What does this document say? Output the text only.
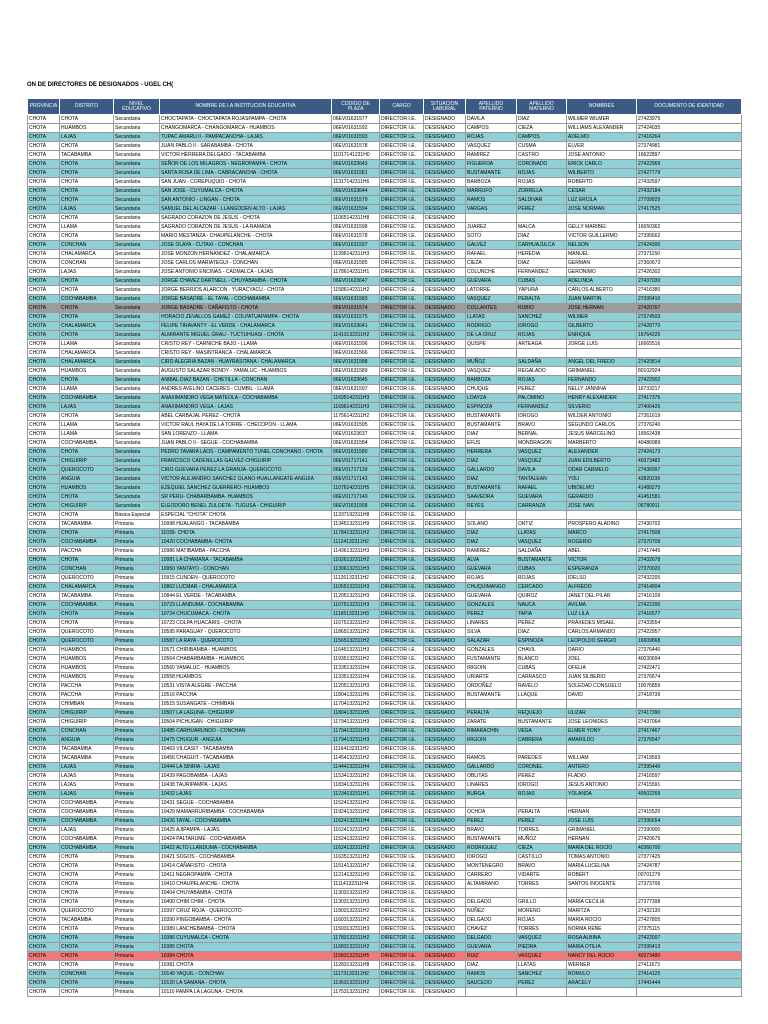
ON DE DIRECTORES DE DESIGNADOS - UGEL CH(
PROVINCIA	DISTRITO	NIVEL EDUCATIVO	NOMBRE DE LA INSTITUCION EDUCATIVA	CODIGO DE PLAZA	CARGO	SITUACION LABORAL	APELLIDO PATERNO	APELLIDO MATERNO	NOMBRES	DOCUMENTO DE IDENTIDAD
CHOTA	CHOTA	Secundaria	CHOCTAPATA - CHOCTAPATA ROJASPAMPA - CHOTA	06EV01631577	DIRECTOR I.E.	DESIGNADO	DAVILA	DIAZ	WILMER WILMER	27423975
CHOTA	HUAMBOS	Secundaria	CHANGOMARCA - CHANGOMARCA - HUAMBOS	06EV01631592	DIRECTOR I.E.	DESIGNADO	CAMPOS	CIEZA	WILLIAMS ALEXANDER	27424035
CHOTA	LAJAS	Secundaria	TUPAC AMARU II - PAMPACANCHA - LAJAS	06EV01631593	DIRECTOR I.E.	DESIGNADO	ROJAS	CAMPOS	ADELMO	27416264
CHOTA	CHOTA	Secundaria	JUAN PABLO II - SARABAMBA - CHOTA	06EV01631578	DIRECTOR I.E.	DESIGNADO	VASQUEZ	CUSMA	ELVER	27374981
CHOTA	TACABAMBA	Secundaria	VICTOR HERRERA DELGADO - TACABAMBA	11017141231H0	DIRECTOR I.E.	DESIGNADO	RAMIREZ	CASTRO	JOSE ANTONIO	16622897
CHOTA	CHOTA	Secundaria	SEÑOR DE LOS MILAGROS - NEGROPAMPA - CHOTA	06EV01623643	DIRECTOR I.E.	DESIGNADO	FIGUEROA	CORONADO	ERICK CARLO	27422969
CHOTA	CHOTA	Secundaria	SANTA ROSA DE LIMA - CABRACANCHA - CHOTA	06EV01631581	DIRECTOR I.E.	DESIGNADO	BUSTAMANTE	ROJAS	WILBERTO	27427779
CHOTA	CHOTA	Secundaria	SAN JUAN - COREPUQUIO - CHOTA	11317142311H6	DIRECTOR I.E.	DESIGNADO	BARBOZA	ROJAS	ROBERTO	27432597
CHOTA	CHOTA	Secundaria	SAN JOSE - CUYUMALCA - CHOTA	06EV01623644	DIRECTOR I.E.	DESIGNADO	MARRUFO	ZORRILLA	CESAR	27432184
CHOTA	CHOTA	Secundaria	SAN ANTONIO - LINGAN - CHOTA	06EV01631579	DIRECTOR I.E.	DESIGNADO	RAMOS	SALDIVAR	LUZ ERCILA	27709829
CHOTA	LAJAS	Secundaria	SAMUEL DEL ALCAZAR - LLANGODEN ALTO - LAJAS	06EV01631594	DIRECTOR I.E.	DESIGNADO	VARGAS	PEREZ	JOSE NORMAN	27417525
CHOTA	CHOTA	Secundaria	SAGRADO CORAZON DE JESUS - CHOTA	11065142311H8	DIRECTOR I.E.	DESIGNADO				
CHOTA	LLAMA	Secundaria	SAGRADO CORAZON DE JESUS - LA RAMADA	06EV01631598	DIRECTOR I.E.	DESIGNADO	JUAREZ	MALCA	GELLY MARIBEL	16650362
CHOTA	CHOTA	Secundaria	MARIO MESTANZA - CHAUPELANCHE - CHOTA	06EV01631578	DIRECTOR I.E.	DESIGNADO	SOTO	DIAZ	VICTOR GUILLERMO	27395662
CHOTA	CONCHAN	Secundaria	JOSE OLAYA - CUTAXI - CONCHAN	06EV01631597	DIRECTOR I.E.	DESIGNADO	GALVEZ	CARHUAJULCA	NELSON	27424300
CHOTA	CHALAMARCA	Secundaria	JOSE MONZON HERNANDEZ - CHALAMARCA	11396142311H3	DIRECTOR I.E.	DESIGNADO	RAFAEL	HEREDIA	MANUEL	27371150
CHOTA	CONCHAN	Secundaria	JOSE CARLOS MARIATEGUI - CONCHAN	06EV01631585	DIRECTOR I.E.	DESIGNADO	CIEZA	DIAZ	GERMAN	27360673
CHOTA	LAJAS	Secundaria	JOSE ANTONIO ENCINAS - CADMALCA - LAJAS	11786142311H1	DIRECTOR I.E.	DESIGNADO	COLUNCHE	FERNANDEZ	GERONIMO	27426302
CHOTA	CHOTA	Secundaria	JORGE CHAVEZ DARTNELL - CHUYABAMBA - CHOTA	06EV01623647	DIRECTOR I.E.	DESIGNADO	GUEVARA	CUBAS	ADELINDA	27437030
CHOTA	CHOTA	Secundaria	JORGE BERRIOS ALARCON - YURACYACU - CHOTA	11586142311H2	DIRECTOR I.E.	DESIGNADO	LATORRE	YAPURA	CARLOS ALBERTO	27416380
CHOTA	COCHABAMBA	Secundaria	JORGE BASADRE - EL TAYAL - COCHABAMBA	06EV01631583	DIRECTOR I.E.	DESIGNADO	VASQUEZ	PERALTA	JUAN MARTIN	27395410
CHOTA	CHOTA	Secundaria	JORGE BASADRE - CAÑAFISTO - CHOTA	06EV01631574	DIRECTOR I.E.	DESIGNADO	COLLANTES	RUBIO	JOSE HERNAN	27420767
CHOTA	CHOTA	Secundaria	HORACIO ZEVALLOS GAMEZ - COLPATUAPAMPA - CHOTA	06EV01631575	DIRECTOR I.E.	DESIGNADO	LLATAS	SANCHEZ	WILMER	27374503
CHOTA	CHALAMARCA	Secundaria	FELIPE TIRAVANTY - EL VERDE - CHALAMARCA	06EV01623641	DIRECTOR I.E.	DESIGNADO	RODRIGO	IDROGO	GILBERTO	27428770
CHOTA	CHOTA	Secundaria	ALMIRANTE MIGUEL GRAU - TUCTUHUASI - CHOTA	11413132311H2	DIRECTOR I.E.	DESIGNADO	DE LA CRUZ	ROJAS	ENRIQUE	16764225
CHOTA	LLAMA	Secundaria	CRISTO REY - CARNICHE BAJO - LLAMA	06EV01631596	DIRECTOR I.E.	DESIGNADO	QUISPE	ARTEAGA	JORGE LUIS	16665516
CHOTA	CHALAMARCA	Secundaria	CRISTO REY - MASINTRANCA - CHALAMARCA	06EV01631566	DIRECTOR I.E.	DESIGNADO				
CHOTA	CHALAMARCA	Secundaria	CIRO ALEGRIA BAZAN - HUAYRASITANA - CHALAMARCA	06EV01631588	DIRECTOR I.E.	DESIGNADO	MUÑOZ	SALDAÑA	ANGEL DEL FREDO	27420814
CHOTA	HUAMBOS	Secundaria	AUGUSTO SALAZAR BONDY - YAMALUC - HUAMBOS	06EV01631589	DIRECTOR I.E.	DESIGNADO	VASQUEZ	REGALADO	GRIMANIEL	80102924
CHOTA	CHOTA	Secundaria	ANIBAL DIAZ BAZAN - CHETILLA - CONCHAN	06EV01623645	DIRECTOR I.E.	DESIGNADO	BARBOZA	ROJAS	FERNANDO	27422902
CHOTA	LLAMA	Secundaria	ANDRES AVELINO CACERES - CUMBIL - LLAMA	06EV01631597	DIRECTOR I.E.	DESIGNADO	CHUQUE	PEREZ	NELLY JANNINA	16733217
CHOTA	COCHABAMBA	Secundaria	ANAXIMANDRO VEGA MATEOLA - COCHABAMBA	11695142311H3	DIRECTOR I.E.	DESIGNADO	LOAYZA	PALOMINO	HENRY ALEXANDER	27417375
CHOTA	LAJAS	Secundaria	ANAXIMANDRO VEGA - LAJAS	11696142311H3	DIRECTOR I.E.	DESIGNADO	ESPINOZA	FERNANDEZ	SILVERIO	27406426
CHOTA	CHOTA	Secundaria	ABEL CARBAJAL PEREZ - CHOTA	11756142311H2	DIRECTOR I.E.	DESIGNADO	BUSTAMANTE	IDROGO	WILDER ANTONIO	27361619
CHOTA	LLAMA	Secundaria	VICTOR RAUL HAYA DE LA TORRE - CHECOPON - LLAMA	06EV01631595	DIRECTOR I.E.	DESIGNADO	BUSTAMANTE	BRAVO	SEGUNDO CARLOS	27376240
CHOTA	LLAMA	Secundaria	SAN LORENZO - LLAMA	06EV01623637	DIRECTOR I.E.	DESIGNADO	DIAZ	BERNAL	JESUS MARCELINO	16562438
CHOTA	COCHABAMBA	Secundaria	JUAN PABLO II - SEGUE - COCHABAMBA	06EV01631584	DIRECTOR I.E.	DESIGNADO	EFUS	MONDRAGON	MARBERTO	40486989
CHOTA	CHOTA	Secundaria	PEDRO TAVARA LAOS - CAMPAMENTO TUNEL CONCHANO - CHOTA	06EV01631580	DIRECTOR I.E.	DESIGNADO	HERRERA	VASQUEZ	ALEXANDER	27424173
CHOTA	CHIGUIRIP	Secundaria	FRANCISCO CADENILLAS GALVEZ-CHIGUIRIP	06EV01717141	DIRECTOR I.E.	DESIGNADO	DIAZ	VASQUEZ	JUAN EDILBERTO	40373482
CHOTA	QUEROCOTO	Secundaria	CIRO GUEVARA PEREZ-LA GRANJA- QUEROCOTO	06EV01717139	DIRECTOR I.E.	DESIGNADO	GALLARDO	DAVILA	ODAR CARMELO	27436997
CHOTA	ANGUIA	Secundaria	VICTOR ALEJANDRO SANCHEZ OLANO-HUALLANGATE-ANGUIA	06EV01717143	DIRECTOR I.E.	DESIGNADO	DIAZ	TANTALEAN	YOLI	42820236
CHOTA	HUAMBOS	Secundaria	EZEQUIEL SANCHEZ GUERRERO- HUAMBOS	11076142311H5	DIRECTOR I.E.	DESIGNADO	BUSTAMANTE	RAFAEL	UBIDELMO	41489275
CHOTA	CHOTA	Secundaria	SR PERU- CHABARBAMBA- HUAMBOS	06EV01717140	DIRECTOR I.E.	DESIGNADO	SAAVEDRA	GUEVARA	GERARDO	41451581
CHOTA	CHIGUIRIP	Secundaria	ELEODORO BENEL ZULOETA - TUGUSA - CHIGUIRIP	06EV01631568	DIRECTOR I.E.	DESIGNADO	REYES	CARRANZA	JOSE IVAN	06780911
CHOTA	CHOTA	Básica Especial	ESPECIAL "CHOTA" CHOTA	11337192311H8	DIRECTOR I.E.	DESIGNADO				
CHOTA	TACABAMBA	Primaria	10998 HUALANGO - TACABAMBA	11345132311H9	DIRECTOR I.E.	DESIGNADO	SOLANO	ORTIZ	PROSPERO ALADINO	27430702
CHOTA	CHOTA	Primaria	11039- CHOTA	11784132311H2	DIRECTOR I.E.	DESIGNADO	DIAZ	LLATAS	MARCO	27417508
CHOTA	COCHABAMBA	Primaria	10420 COCHABAMBA- CHOTA	11124132311H2	DIRECTOR I.E.	DESIGNADO	DIAZ	VASQUEZ	ROGERIO	27370709
CHOTA	PACCHA	Primaria	10986 MATIBAMBA - PACCHA	11436132311H3	DIRECTOR I.E.	DESIGNADO	RAMIREZ	SALDAÑA	ABEL	27417445
CHOTA	CHOTA	Primaria	10981 LA CHAMANA - TACABAMBA	11026132311H2	DIRECTOR I.E.	DESIGNADO	ALVA	BUSTAMANTE	VICTOR	27432678
CHOTA	CONCHAN	Primaria	10950 YANTAYO - CONCHAN	11306132311H3	DIRECTOR I.E.	DESIGNADO	GUEVARA	CUBAS	ESPERANZA	27370020
CHOTA	QUEROCOTO	Primaria	10915 CUNDEN - QUEROCOTO	11126132311H2	DIRECTOR I.E.	DESIGNADO	ROJAS	ROJAS	IDELSO	27432205
CHOTA	CHALAMARCA	Primaria	10862 LUCMAR - CHALAMARCA	11055132311H3	DIRECTOR I.E.	DESIGNADO	CHUQUIMANGO	CERCADO	ALFREDO	27414504
CHOTA	TACABAMBA	Primaria	10844 EL VERDE - TACABAMBA	11205132311H3	DIRECTOR I.E.	DESIGNADO	GUEVARA	QUIROZ	JANET DEL PILAR	27416109
CHOTA	COCHABAMBA	Primaria	10723 LLANDUMA - COCHABAMBA	11075132311H3	DIRECTOR I.E.	DESIGNADO	GONZALES	NAUCA	AVILMA	27422200
CHOTA	CHOTA	Primaria	10724 CHUCUMACA - CHOTA	11165132311H3	DIRECTOR I.E.	DESIGNADO	PEREZ	TAPIA	LUZ LILA	27416577
CHOTA	CHOTA	Primaria	10723 COLPA HUACARIS - CHOTA	11675132311H2	DIRECTOR I.E.	DESIGNADO	LINARES	PEREZ	PRÁXEDES MISAEL	27433554
CHOTA	QUEROCOTO	Primaria	10595 PARAGUAY - QUEROCOTO	11865132311H2	DIRECTOR I.E.	DESIGNADO	SILVA	DIAZ	CARLOS ARMANDO	27422957
CHOTA	QUEROCOTO	Primaria	10587 LA RAYA - QUEROCOTO	11565132311H2	DIRECTOR I.E.	DESIGNADO	SALAZAR	ESPINOZA	LEOPOLDO SERGIO	16609868
CHOTA	HUAMBOS	Primaria	10571 CHIRIBAMBA - HUAMBOS	11645132311H3	DIRECTOR I.E.	DESIGNADO	GONZALES	CHAVIL	DARIO	27376440
CHOTA	HUAMBOS	Primaria	10564 CHABARBAMBA - HUAMBOS	11935132311H2	DIRECTOR I.E.	DESIGNADO	FUSTAMANTE	BLANCO	JOEL	40030694
CHOTA	HUAMBOS	Primaria	10560 YAMALUC - HUAMBOS	11335132311H4	DIRECTOR I.E.	DESIGNADO	IRIGOIN	CUBAS	OFELIA	27422471
CHOTA	HUAMBOS	Primaria	10558 HUAMBOS	11335132311H4	DIRECTOR I.E.	DESIGNADO	URIARTE	CARRASCO	JUAN SILBERIO	27376674
CHOTA	PACCHA	Primaria	10531 VISTA ALEGRE - PACCHA	11205132311H3	DIRECTOR I.E.	DESIGNADO	ORDOÑEZ	RAVELO	SOLEDAD CONSUELO	10076859
CHOTA	PACCHA	Primaria	10516 PACCHA	11804132311H6	DIRECTOR I.E.	DESIGNADO	BUSTAMANTE	LLAQUE	DAVID	27418739
CHOTA	CHIMBAN	Primaria	10515 SUSANGATE - CHIMBAN	11704132311H2	DIRECTOR I.E.	DESIGNADO				
CHOTA	CHIGUIRIP	Primaria	10507 LA LAGUNA - CHIGUIRIP	11804132311H5	DIRECTOR I.E.	DESIGNADO	PERALTA	REQUEJO	ULIZAR	27417390
CHOTA	CHIGUIRIP	Primaria	10504 PICHUGAN - CHIGUIRIP	11794132311H3	DIRECTOR I.E.	DESIGNADO	ZARATE	BUSTAMANTE	JOSE LEONIDES	27437064
CHOTA	CONCHAN	Primaria	10485 CARHUARUNDO - CONCHAN	11794132311H3	DIRECTOR I.E.	DESIGNADO	RIMARACHIN	VEGA	ELMER YONY	27417467
CHOTA	ANGUIA	Primaria	10475 CHUGUR - ANGUIA	11794132311H3	DIRECTOR I.E.	DESIGNADO	IRIGOIN	CABRERA	AMARILDO	27376547
CHOTA	TACABAMBA	Primaria	10463 VILCASIT - TACABAMBA	11164132311H2	DIRECTOR I.E.	DESIGNADO				
CHOTA	TACABAMBA	Primaria	10456 CHAGUIT - TACABAMBA	11454132311H2	DIRECTOR I.E.	DESIGNADO	RAMOS	PAREDES	WILLIAM	27419593
CHOTA	LAJAS	Primaria	10444 LA SINRIA - LAJAS	11444132311H4	DIRECTOR I.E.	DESIGNADO	GALLARDO	CORONEL	ANTERO	27395440
CHOTA	LAJAS	Primaria	10439 PAGOBAMBA - LAJAS	11534132311H2	DIRECTOR I.E.	DESIGNADO	OBLITAS	PEREZ	FLADIO	27416597
CHOTA	LAJAS	Primaria	10438 TAURIPAMPA - LAJAS	11834132311H6	DIRECTOR I.E.	DESIGNADO	LINARES	IDROGO	JESUS ANTONIO	27415591
CHOTA	LAJAS	Primaria	10432 LAJAS	11234132311H1	DIRECTOR I.E.	DESIGNADO	BURGA	ROJAS	YOLANDA	40502269
CHOTA	COCHABAMBA	Primaria	10431 SEGUE - COCHABAMBA	11524132311H2	DIRECTOR I.E.	DESIGNADO				
CHOTA	COCHABAMBA	Primaria	10429 MAMARRURIBAMBA - COCHABAMBA	11924132311H2	DIRECTOR I.E.	DESIGNADO	OCHOA	PERALTA	HERNAN	27415520
CHOTA	COCHABAMBA	Primaria	10426 TAYAL - COCHABAMBA	11624132311H4	DIRECTOR I.E.	DESIGNADO	PEREZ	PEREZ	JOSE LUIS	27396654
CHOTA	LAJAS	Primaria	10425 AJIPAMPA - LAJAS	11624132311H2	DIRECTOR I.E.	DESIGNADO	BRAVO	TORRES	GRIMANIEL	27390900
CHOTA	COCHABAMBA	Primaria	10424 PALTARUME - COCHABAMBA	11524132311H2	DIRECTOR I.E.	DESIGNADO	BUSTAMANTE	MUÑOZ	HERNAN	27420675
CHOTA	COCHABAMBA	Primaria	10422 ALTO LLANDUMA - COCHABAMBA	11624132311H2	DIRECTOR I.E.	DESIGNADO	RODRIGUEZ	CIEZA	MARÍA DEL ROCÍO	40366700
CHOTA	CHOTA	Primaria	10421 SOGOS - COCHABAMBA	11635132311H2	DIRECTOR I.E.	DESIGNADO	IDROGO	CASTILLO	TOMAS ANTONIO	27377425
CHOTA	CHOTA	Primaria	10414 CAÑAFISTO - CHOTA	11514132311H7	DIRECTOR I.E.	DESIGNADO	MONTENEGRO	BRAVO	MARIA LUCELINA	27424787
CHOTA	CHOTA	Primaria	10411 NEGROPAMPA - CHOTA	11214132311H0	DIRECTOR I.E.	DESIGNADO	CARRERO	VIDARTE	ROBERT	00701279
CHOTA	CHOTA	Primaria	10410 CHAUPELANCHE - CHOTA	11114132311H4	DIRECTOR I.E.	DESIGNADO	ALTAMIRANO	TORRES	SANTOS INOCENTE	27373706
CHOTA	CHOTA	Primaria	10404 CHUYABAMBA - CHOTA	11303132311H2	DIRECTOR I.E.	DESIGNADO				
CHOTA	CHOTA	Primaria	10400 CHIM CHIM - CHOTA	11303132311H3	DIRECTOR I.E.	DESIGNADO	DELGADO	GRILLO	MARÍA CECILIA	27377398
CHOTA	QUEROCOTO	Primaria	10397 CRUZ ROJA - QUEROCOTO	11803132311H2	DIRECTOR I.E.	DESIGNADO	NUÑEZ	MORENO	MARITZA	27432130
CHOTA	TACABAMBA	Primaria	10390 PINGOBAMBA - CHOTA	11603132311H2	DIRECTOR I.E.	DESIGNADO	DELGADO	ROJAS	MARIA ROCIO	27427805
CHOTA	CHOTA	Primaria	10389 LANCHEBAMBA - CHOTA	11503132311H3	DIRECTOR I.E.	DESIGNADO	CHAVEZ	TORRES	NORMA RENE	27375115
CHOTA	CHOTA	Primaria	10386 CUYUMALCA - CHOTA	11783132311H2	DIRECTOR I.E.	DESIGNADO	DELGADO	VASQUEZ	ROSA ALBINA	27422007
CHOTA	CHOTA	Primaria	10385 CHOTA	11683132311H2	DIRECTOR I.E.	DESIGNADO	GUEVARA	PIEDRA	MARIA OTILIA	27395413
CHOTA	CHOTA	Primaria	10384 CHOTA	11583132311H5	DIRECTOR I.E.	DESIGNADO	RUIZ	VASQUEZ	NANCY DEL ROCIO	40373480
CHOTA	CHOTA	Primaria	10381 CHOTA	11283132311H8	DIRECTOR I.E.	DESIGNADO	DIAZ	LLATAS	WERNER	27411673
CHOTA	CONCHAN	Primaria	10140 YAQUIL - CONCHAN	11173132311H2	DIRECTOR I.E.	DESIGNADO	RAMOS	SANCHEZ	ROMULO	27414125
CHOTA	CHOTA	Primaria	10120 LA SAMANA - CHOTA	11363132311H2	DIRECTOR I.E.	DESIGNADO	SAUCEDO	PEREZ	ARACELY	17441444
CHOTA	CHOTA	Primaria	10110 PAMPA LA LAGUNA - CHOTA	11753132311H2	DIRECTOR I.E.	DESIGNADO				
